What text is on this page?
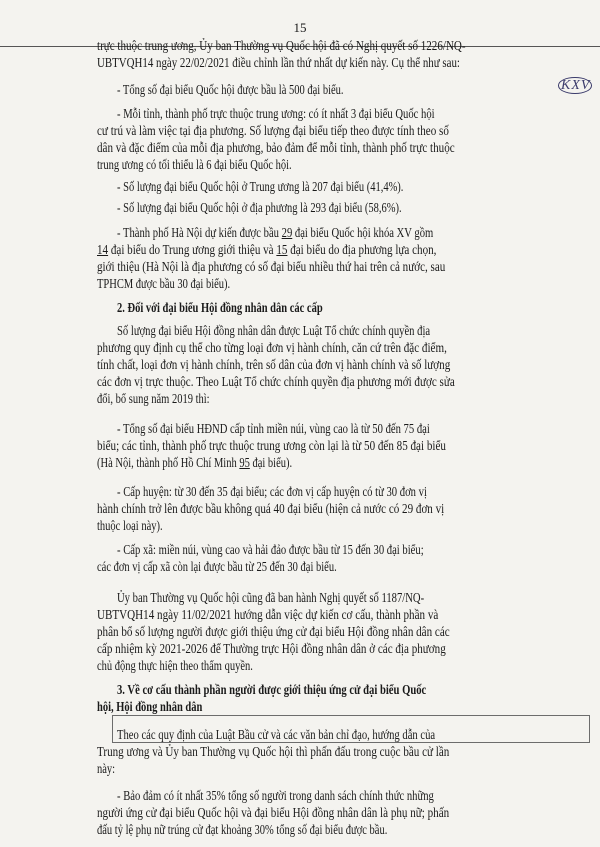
15
KXV

trực thuộc trung ương, Ủy ban Thường vụ Quốc hội đã có Nghị quyết số 1226/NQ-

UBTVQH14 ngày 22/02/2021 điều chỉnh lần thứ nhất dự kiến này. Cụ thể như sau:

- Tổng số đại biểu Quốc hội được bầu là 500 đại biểu.

- Mỗi tỉnh, thành phố trực thuộc trung ương: có ít nhất 3 đại biểu Quốc hội

cư trú và làm việc tại địa phương. Số lượng đại biểu tiếp theo được tính theo số

dân và đặc điểm của mỗi địa phương, bảo đảm để mỗi tỉnh, thành phố trực thuộc

trung ương có tối thiểu là 6 đại biểu Quốc hội.

- Số lượng đại biểu Quốc hội ở Trung ương là 207 đại biểu (41,4%).

- Số lượng đại biểu Quốc hội ở địa phương là 293 đại biểu (58,6%).

- Thành phố Hà Nội dự kiến được bầu 29 đại biểu Quốc hội khóa XV gồm

14 đại biểu do Trung ương giới thiệu và 15 đại biểu do địa phương lựa chọn,

giới thiệu (Hà Nội là địa phương có số đại biểu nhiều thứ hai trên cả nước, sau

TPHCM được bầu 30 đại biểu).

2. Đối với đại biểu Hội đồng nhân dân các cấp

Số lượng đại biểu Hội đồng nhân dân được Luật Tổ chức chính quyền địa

phương quy định cụ thể cho từng loại đơn vị hành chính, căn cứ trên đặc điểm,

tính chất, loại đơn vị hành chính, trên số dân của đơn vị hành chính và số lượng

các đơn vị trực thuộc. Theo Luật Tổ chức chính quyền địa phương mới được sửa

đổi, bổ sung năm 2019 thì:

- Tổng số đại biểu HĐND cấp tỉnh miền núi, vùng cao là từ 50 đến 75 đại

biểu; các tỉnh, thành phố trực thuộc trung ương còn lại là từ 50 đến 85 đại biểu

(Hà Nội, thành phố Hồ Chí Minh 95 đại biểu).

- Cấp huyện: từ 30 đến 35 đại biểu; các đơn vị cấp huyện có từ 30 đơn vị

hành chính trở lên được bầu không quá 40 đại biểu (hiện cả nước có 29 đơn vị

thuộc loại này).

- Cấp xã: miền núi, vùng cao và hải đảo được bầu từ 15 đến 30 đại biểu;

các đơn vị cấp xã còn lại được bầu từ 25 đến 30 đại biểu.

Ủy ban Thường vụ Quốc hội cũng đã ban hành Nghị quyết số 1187/NQ-

UBTVQH14 ngày 11/02/2021 hướng dẫn việc dự kiến cơ cấu, thành phần và

phân bổ số lượng người được giới thiệu ứng cử đại biểu Hội đồng nhân dân các

cấp nhiệm kỳ 2021-2026 để Thường trực Hội đồng nhân dân ở các địa phương

chủ động thực hiện theo thẩm quyền.

3. Về cơ cấu thành phần người được giới thiệu ứng cử đại biểu Quốc

hội, Hội đồng nhân dân

Theo các quy định của Luật Bầu cử và các văn bản chỉ đạo, hướng dẫn của

Trung ương và Ủy ban Thường vụ Quốc hội thì phấn đấu trong cuộc bầu cử lần

này:

- Bảo đảm có ít nhất 35% tổng số người trong danh sách chính thức những

người ứng cử đại biểu Quốc hội và đại biểu Hội đồng nhân dân là phụ nữ; phấn

đấu tỷ lệ phụ nữ trúng cử đạt khoảng 30% tổng số đại biểu được bầu.
